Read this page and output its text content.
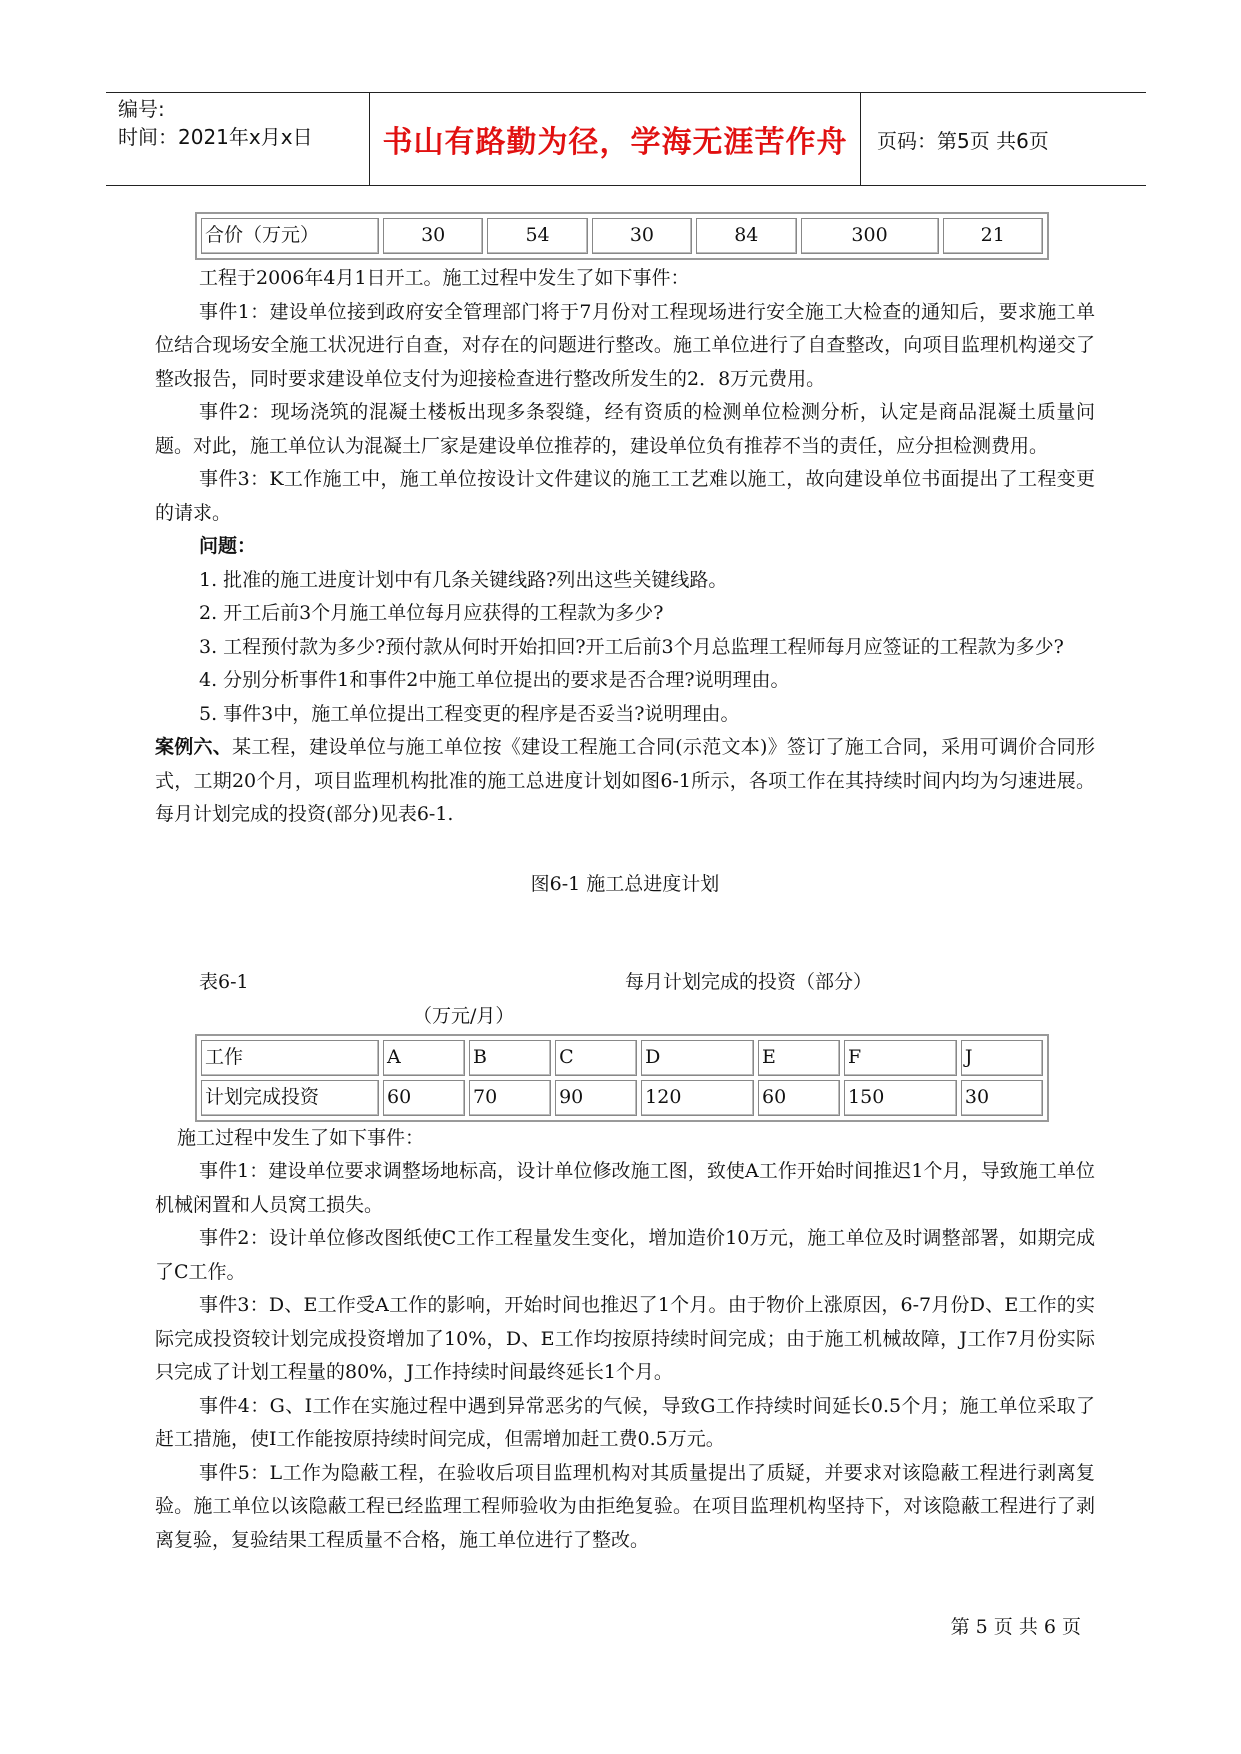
编号:
时间：2021年x月x日	书山有路勤为径，学海无涯苦作舟	页码：第5页 共6页
合价（万元）	30	54	30	84	300	21

工程于2006年4月1日开工。施工过程中发生了如下事件：

事件1：建设单位接到政府安全管理部门将于7月份对工程现场进行安全施工大检查的通知后，要求施工单位结合现场安全施工状况进行自查，对存在的问题进行整改。施工单位进行了自查整改，向项目监理机构递交了整改报告，同时要求建设单位支付为迎接检查进行整改所发生的2．8万元费用。

事件2：现场浇筑的混凝土楼板出现多条裂缝，经有资质的检测单位检测分析，认定是商品混凝土质量问题。对此，施工单位认为混凝土厂家是建设单位推荐的，建设单位负有推荐不当的责任，应分担检测费用。

事件3：K工作施工中，施工单位按设计文件建议的施工工艺难以施工，故向建设单位书面提出了工程变更的请求。

问题：

1. 批准的施工进度计划中有几条关键线路?列出这些关键线路。

2. 开工后前3个月施工单位每月应获得的工程款为多少?

3. 工程预付款为多少?预付款从何时开始扣回?开工后前3个月总监理工程师每月应签证的工程款为多少?

4. 分别分析事件1和事件2中施工单位提出的要求是否合理?说明理由。

5. 事件3中，施工单位提出工程变更的程序是否妥当?说明理由。

案例六、某工程，建设单位与施工单位按《建设工程施工合同(示范文本)》签订了施工合同，采用可调价合同形式，工期20个月，项目监理机构批准的施工总进度计划如图6-1所示，各项工作在其持续时间内均为匀速进展。每月计划完成的投资(部分)见表6-1.

图6-1 施工总进度计划

表6-1	每月计划完成的投资（部分）
（万元/月）
工作	A	B	C	D	E	F	J
计划完成投资	60	70	90	120	60	150	30

施工过程中发生了如下事件：

事件1：建设单位要求调整场地标高，设计单位修改施工图，致使A工作开始时间推迟1个月，导致施工单位机械闲置和人员窝工损失。

事件2：设计单位修改图纸使C工作工程量发生变化，增加造价10万元，施工单位及时调整部署，如期完成了C工作。

事件3：D、E工作受A工作的影响，开始时间也推迟了1个月。由于物价上涨原因，6-7月份D、E工作的实际完成投资较计划完成投资增加了10%，D、E工作均按原持续时间完成；由于施工机械故障，J工作7月份实际只完成了计划工程量的80%，J工作持续时间最终延长1个月。

事件4：G、I工作在实施过程中遇到异常恶劣的气候，导致G工作持续时间延长0.5个月；施工单位采取了赶工措施，使I工作能按原持续时间完成，但需增加赶工费0.5万元。

事件5：L工作为隐蔽工程，在验收后项目监理机构对其质量提出了质疑，并要求对该隐蔽工程进行剥离复验。施工单位以该隐蔽工程已经监理工程师验收为由拒绝复验。在项目监理机构坚持下，对该隐蔽工程进行了剥离复验，复验结果工程质量不合格，施工单位进行了整改。

第 5 页 共 6 页
